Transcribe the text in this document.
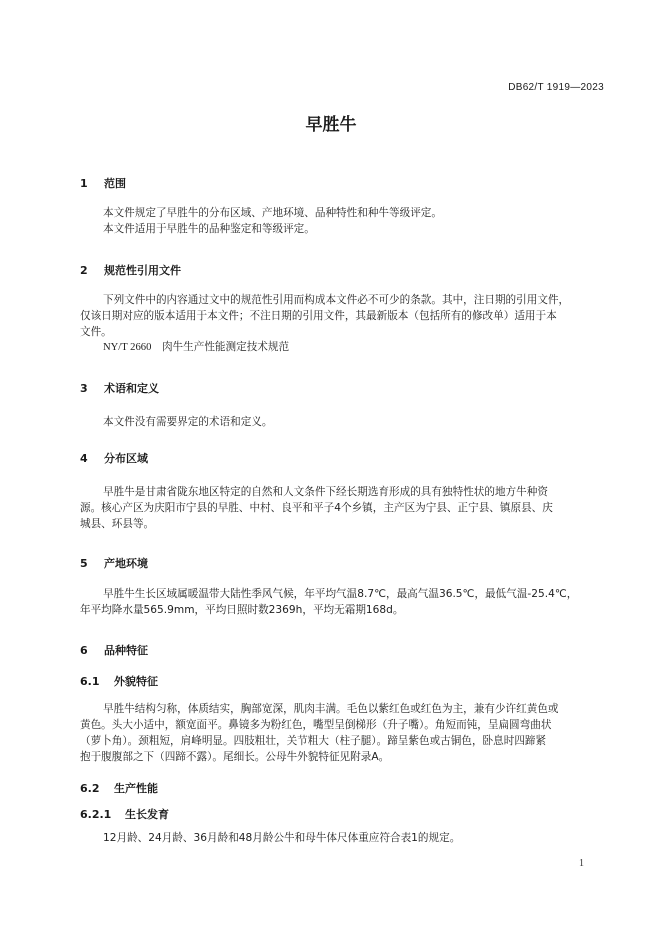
DB62/T 1919—2023
早胜牛
1 范围
本文件规定了早胜牛的分布区域、产地环境、品种特性和种牛等级评定。
本文件适用于早胜牛的品种鉴定和等级评定。
2 规范性引用文件
下列文件中的内容通过文中的规范性引用而构成本文件必不可少的条款。其中，注日期的引用文件，
仅该日期对应的版本适用于本文件；不注日期的引用文件，其最新版本（包括所有的修改单）适用于本
文件。
NY/T 2660　肉牛生产性能测定技术规范
3 术语和定义
本文件没有需要界定的术语和定义。
4 分布区域
早胜牛是甘肃省陇东地区特定的自然和人文条件下经长期选育形成的具有独特性状的地方牛种资
源。核心产区为庆阳市宁县的早胜、中村、良平和平子4个乡镇，主产区为宁县、正宁县、镇原县、庆
城县、环县等。
5 产地环境
早胜牛生长区域属暖温带大陆性季风气候，年平均气温8.7℃，最高气温36.5℃，最低气温-25.4℃，
年平均降水量565.9mm，平均日照时数2369h，平均无霜期168d。
6 品种特征
6.1 外貌特征
早胜牛结构匀称，体质结实，胸部宽深，肌肉丰满。毛色以紫红色或红色为主，兼有少许红黄色或
黄色。头大小适中，额宽面平。鼻镜多为粉红色，嘴型呈倒梯形（升子嘴）。角短而钝，呈扁圆弯曲状
（萝卜角）。颈粗短，肩峰明显。四肢粗壮，关节粗大（柱子腿）。蹄呈紫色或古铜色，卧息时四蹄紧
抱于腹腹部之下（四蹄不露）。尾细长。公母牛外貌特征见附录A。
6.2 生产性能
6.2.1 生长发育
12月龄、24月龄、36月龄和48月龄公牛和母牛体尺体重应符合表1的规定。
1
